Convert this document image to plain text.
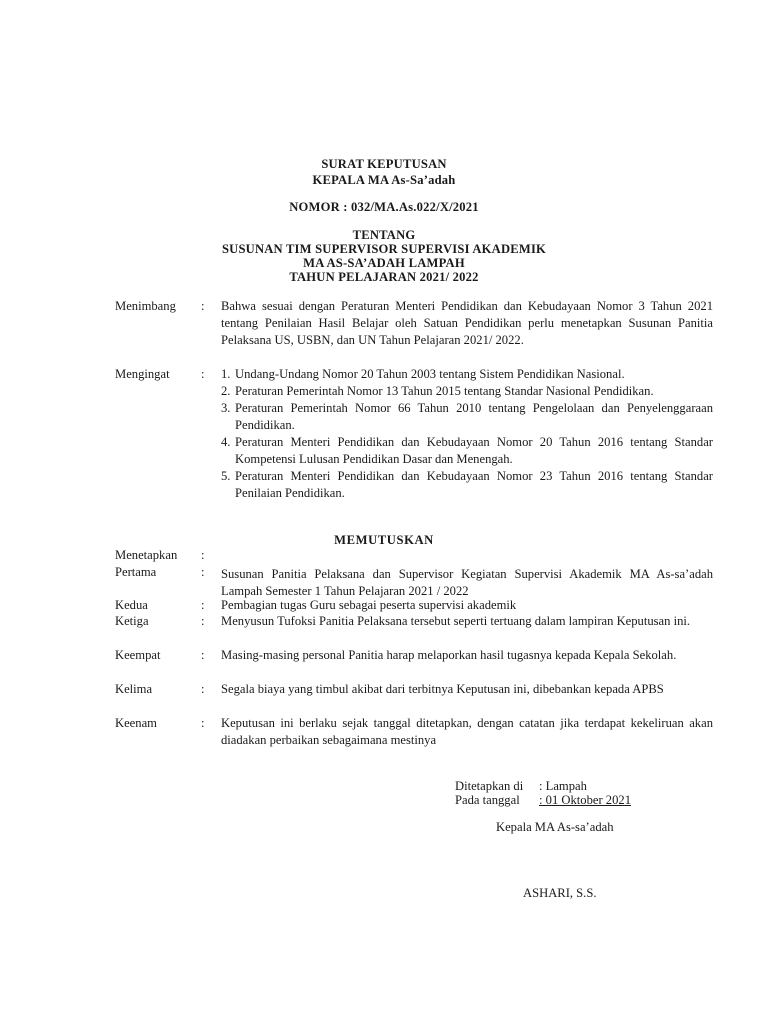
SURAT KEPUTUSAN
KEPALA MA As-Sa’adah
NOMOR : 032/MA.As.022/X/2021
TENTANG
SUSUNAN TIM SUPERVISOR SUPERVISI AKADEMIK
MA AS-SA’ADAH LAMPAH
TAHUN PELAJARAN 2021/ 2022
Menimbang	:	Bahwa sesuai dengan Peraturan Menteri Pendidikan dan Kebudayaan Nomor 3 Tahun 2021 tentang Penilaian Hasil Belajar oleh Satuan Pendidikan perlu menetapkan Susunan Panitia Pelaksana US, USBN, dan UN Tahun Pelajaran 2021/ 2022.
Mengingat	:	1. Undang-Undang Nomor 20 Tahun 2003 tentang Sistem Pendidikan Nasional.
2. Peraturan Pemerintah Nomor 13 Tahun 2015 tentang Standar Nasional Pendidikan.
3. Peraturan Pemerintah Nomor 66 Tahun 2010 tentang Pengelolaan dan Penyelenggaraan Pendidikan.
4. Peraturan Menteri Pendidikan dan Kebudayaan Nomor 20 Tahun 2016 tentang Standar Kompetensi Lulusan Pendidikan Dasar dan Menengah.
5. Peraturan Menteri Pendidikan dan Kebudayaan Nomor 23 Tahun 2016 tentang Standar Penilaian Pendidikan.
MEMUTUSKAN
Menetapkan	:
Pertama	:	Susunan Panitia Pelaksana dan Supervisor Kegiatan Supervisi Akademik MA As-sa’adah Lampah Semester 1 Tahun Pelajaran 2021 / 2022
Kedua	:	Pembagian tugas Guru sebagai peserta supervisi akademik
Ketiga	:	Menyusun Tufoksi Panitia Pelaksana tersebut seperti tertuang dalam lampiran Keputusan ini.
Keempat	:	Masing-masing personal Panitia harap melaporkan hasil tugasnya kepada Kepala Sekolah.
Kelima	:	Segala biaya yang timbul akibat dari terbitnya Keputusan ini, dibebankan kepada APBS
Keenam	:	Keputusan ini berlaku sejak tanggal ditetapkan, dengan catatan jika terdapat kekeliruan akan diadakan perbaikan sebagaimana mestinya
Ditetapkan di : Lampah
Pada tanggal : 01 Oktober 2021
Kepala MA As-sa’adah
ASHARI, S.S.
